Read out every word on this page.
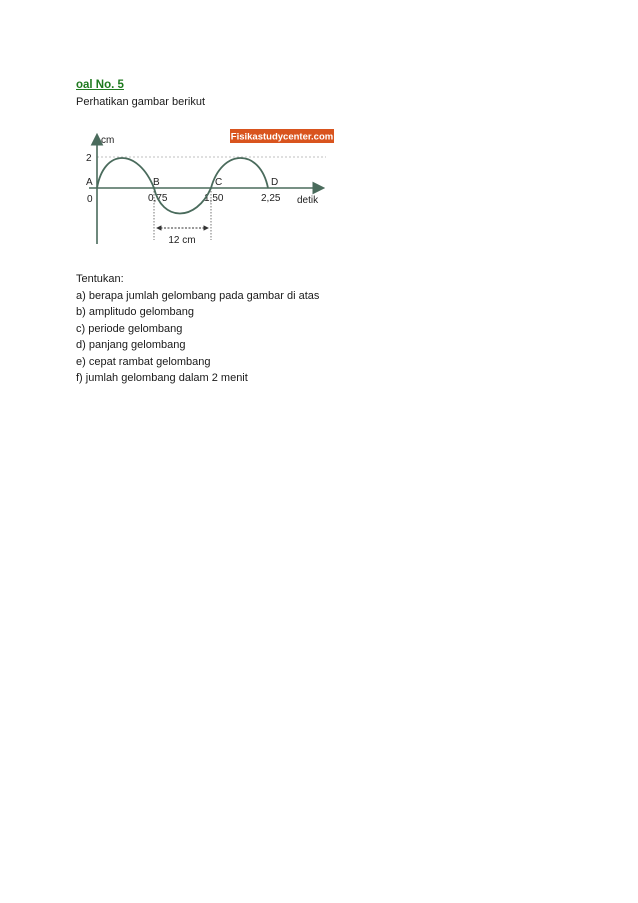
oal No. 5
Perhatikan gambar berikut
Fisikastudycenter.com
cm
detik
2
0
A	B	C	D
0,75	1,50	2,25
12 cm
Tentukan:
a) berapa jumlah gelombang pada gambar di atas
b) amplitudo gelombang
c) periode gelombang
d) panjang gelombang
e) cepat rambat gelombang
f) jumlah gelombang dalam 2 menit
